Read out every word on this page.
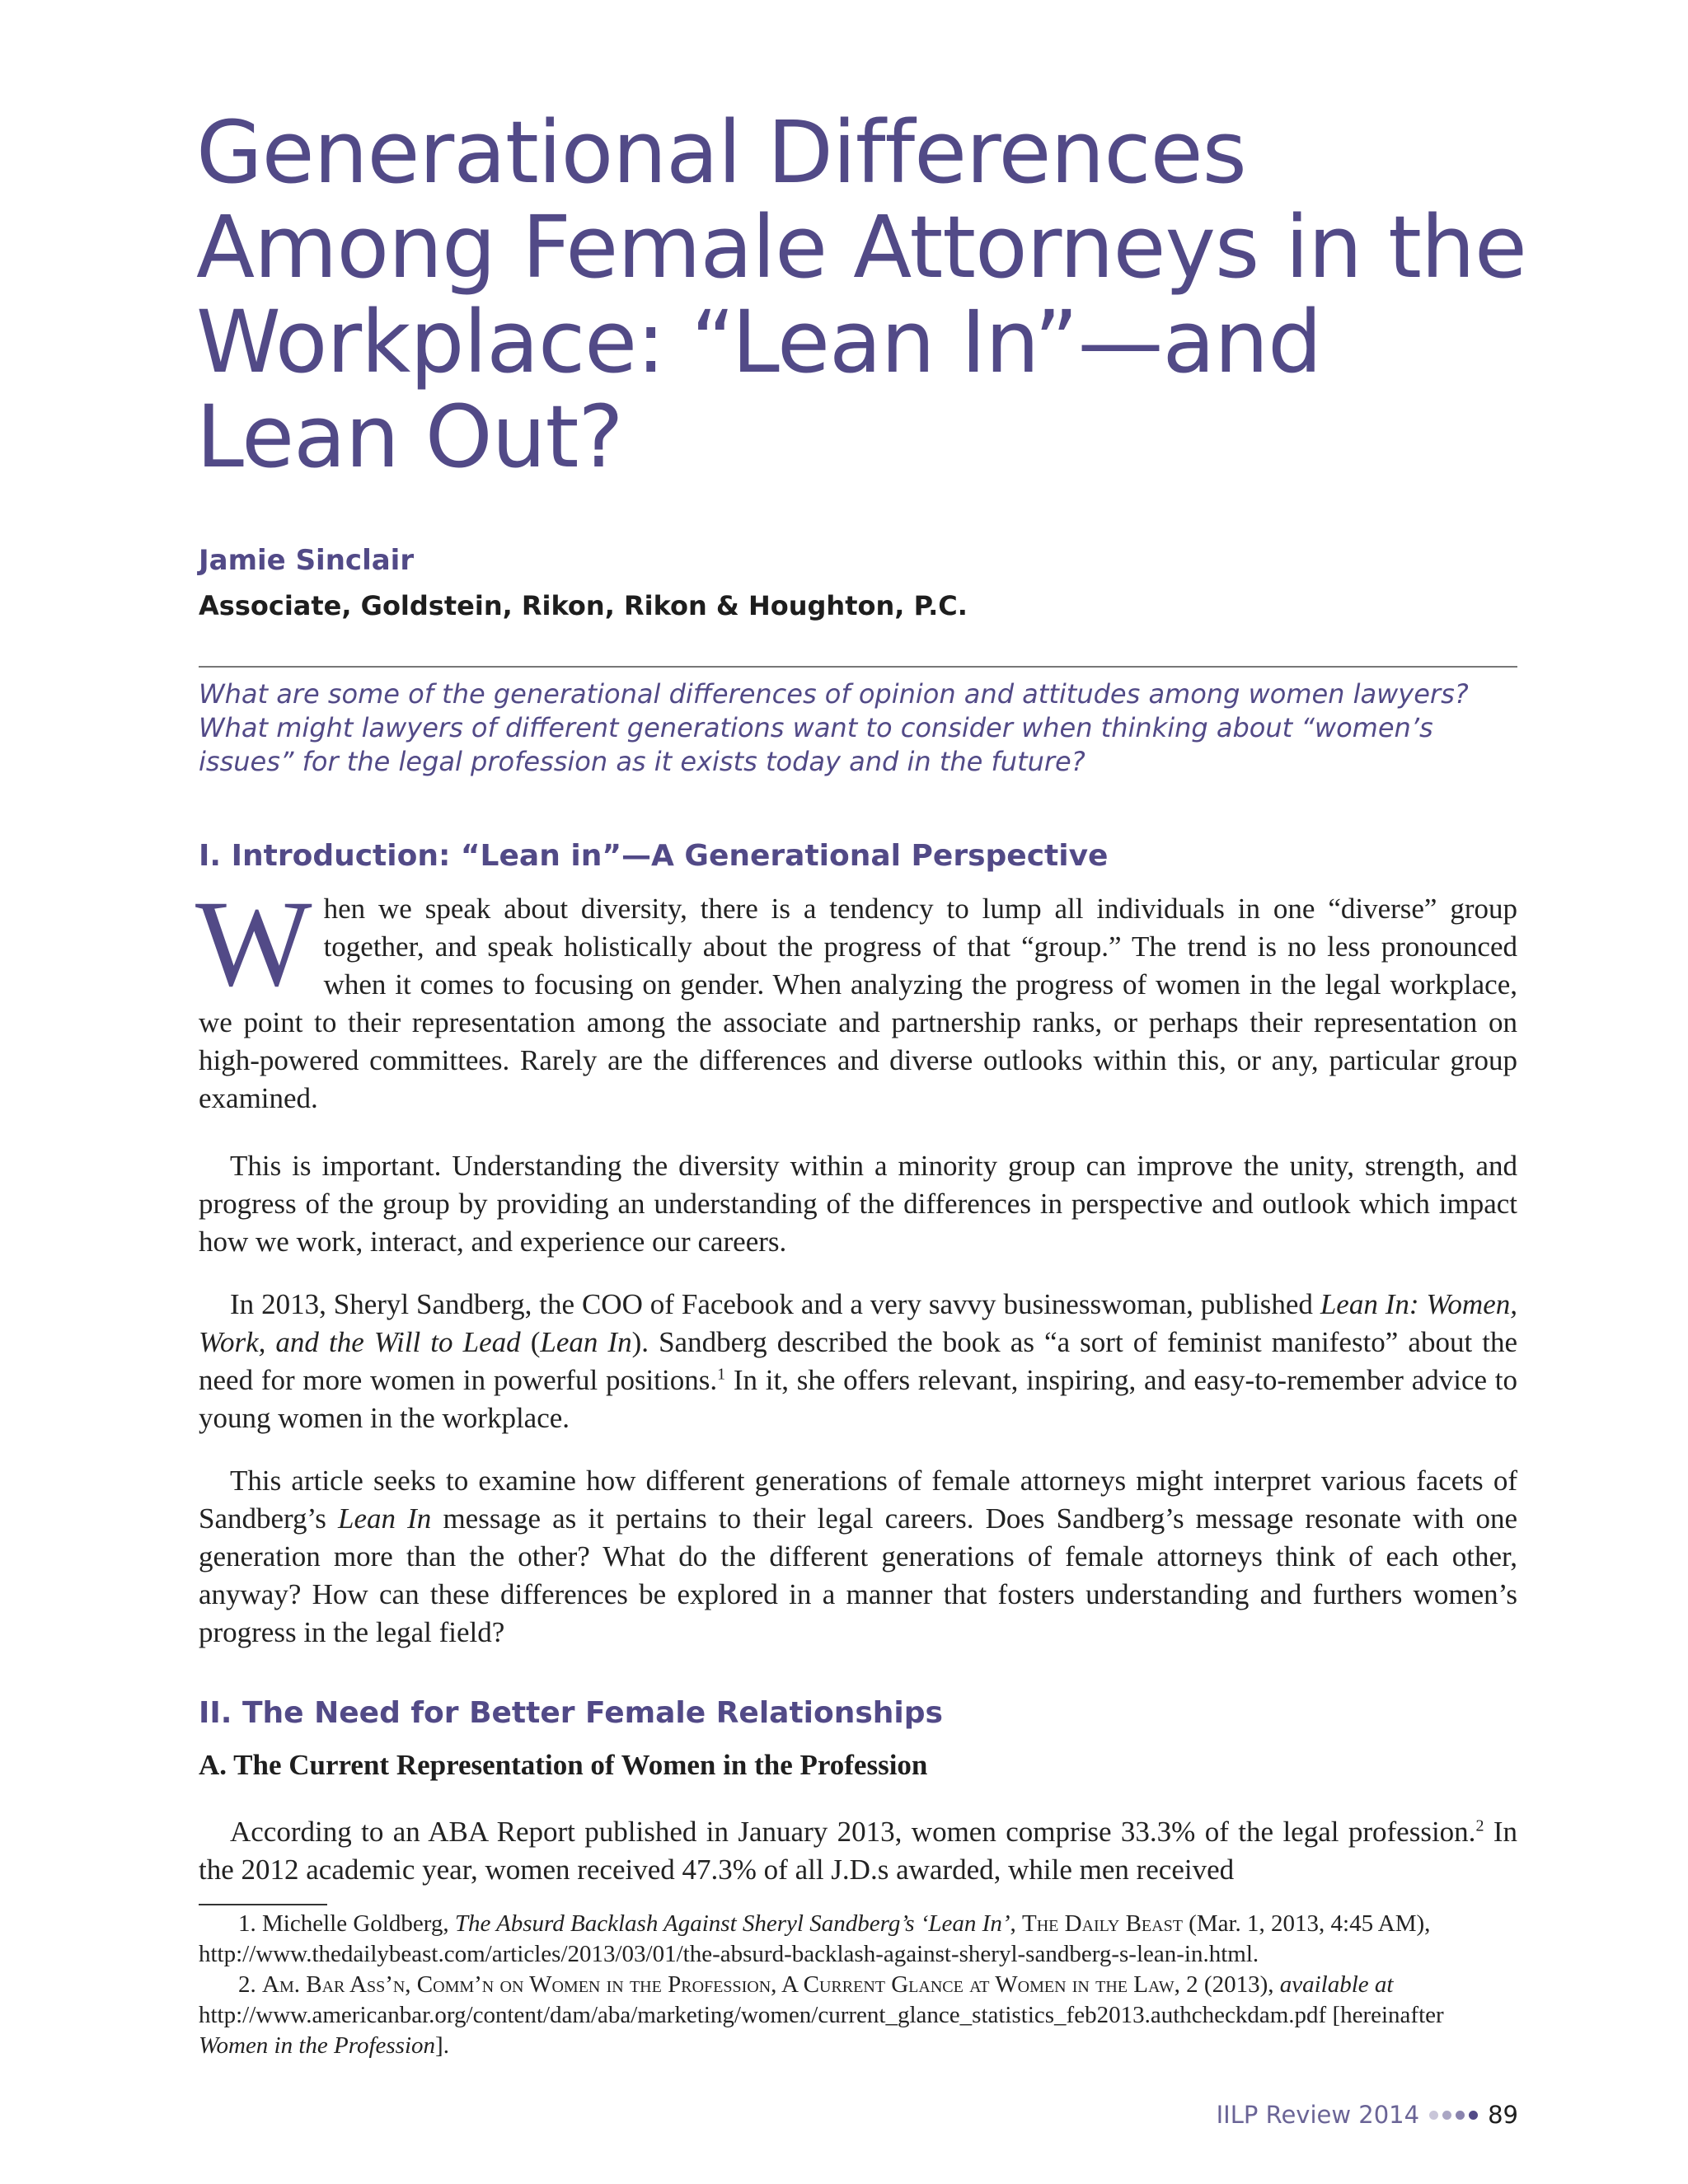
Generational Differences Among Female Attorneys in the Workplace: “Lean In”—and Lean Out?
Jamie Sinclair
Associate, Goldstein, Rikon, Rikon & Houghton, P.C.

What are some of the generational differences of opinion and attitudes among women lawyers? What might lawyers of different generations want to consider when thinking about “women’s issues” for the legal profession as it exists today and in the future?

I. Introduction: “Lean in”—A Generational Perspective

When we speak about diversity, there is a tendency to lump all individuals in one “diverse” group together, and speak holistically about the progress of that “group.” The trend is no less pronounced when it comes to focusing on gender. When analyzing the progress of women in the legal workplace, we point to their representation among the associate and partnership ranks, or perhaps their representation on high-powered committees. Rarely are the differences and diverse outlooks within this, or any, particular group examined.

This is important. Understanding the diversity within a minority group can improve the unity, strength, and progress of the group by providing an understanding of the differences in perspective and outlook which impact how we work, interact, and experience our careers.

In 2013, Sheryl Sandberg, the COO of Facebook and a very savvy businesswoman, published Lean In: Women, Work, and the Will to Lead (Lean In). Sandberg described the book as “a sort of feminist manifesto” about the need for more women in powerful positions.$^1$ In it, she offers relevant, inspiring, and easy-to-remember advice to young women in the workplace.

This article seeks to examine how different generations of female attorneys might interpret various facets of Sandberg’s Lean In message as it pertains to their legal careers. Does Sandberg’s message resonate with one generation more than the other? What do the different generations of female attorneys think of each other, anyway? How can these differences be explored in a manner that fosters understanding and furthers women’s progress in the legal field?

II. The Need for Better Female Relationships
A. The Current Representation of Women in the Profession

According to an ABA Report published in January 2013, women comprise 33.3% of the legal profession.$^2$ In the 2012 academic year, women received 47.3% of all J.D.s awarded, while men received

1. Michelle Goldberg, The Absurd Backlash Against Sheryl Sandberg’s ‘Lean In’, The Daily Beast (Mar. 1, 2013, 4:45 AM), http://www.thedailybeast.com/articles/2013/03/01/the-absurd-backlash-against-sheryl-sandberg-s-lean-in.html.

2. Am. Bar Ass’n, Comm’n on Women in the Profession, A Current Glance at Women in the Law, 2 (2013), available at http://www.americanbar.org/content/dam/aba/marketing/women/current_glance_statistics_feb2013.authcheckdam.pdf [hereinafter Women in the Profession].

IILP Review 2014	89
